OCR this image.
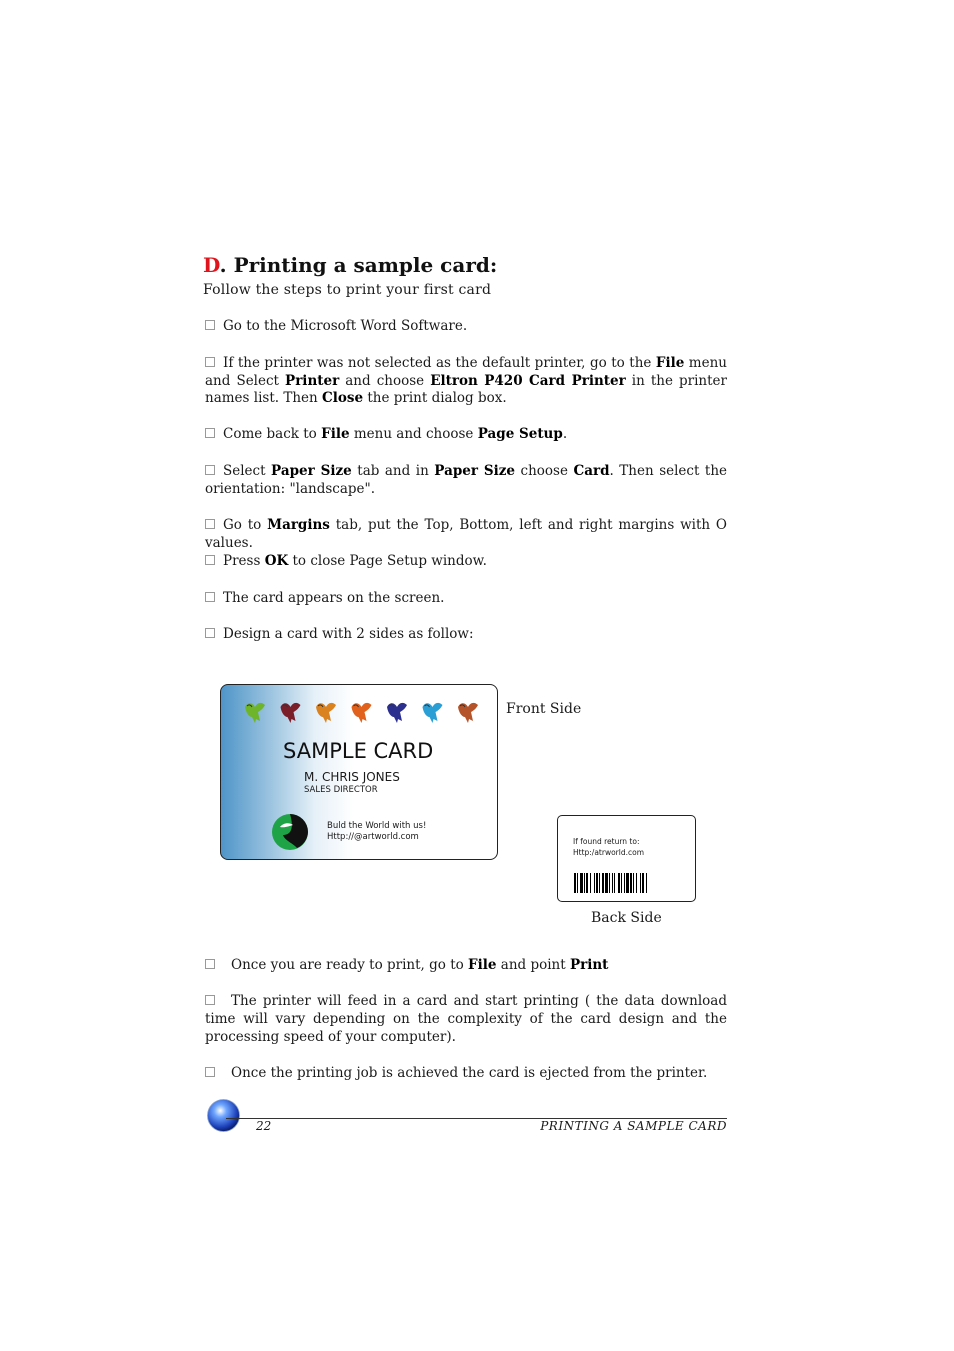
D. Printing a sample card:
Follow the steps to print your first card
Go to the Microsoft Word Software.
If the printer was not selected as the default printer, go to the File menu and Select Printer and choose Eltron P420 Card Printer in the printer names list. Then Close the print dialog box.
Come back to File menu and choose Page Setup.
Select Paper Size tab and in Paper Size choose Card. Then select the orientation: "landscape".
Go to Margins tab, put the Top, Bottom, left and right margins with O values.
Press OK to close Page Setup window.
The card appears on the screen.
Design a card with 2 sides as follow:
SAMPLE CARD
M. CHRIS JONES
SALES DIRECTOR
Buld the World with us!
Http://@artworld.com
Front Side
If found return to:
Http:/atrworld.com
Back Side
Once you are ready to print, go to File and point Print
The printer will feed in a card and start printing ( the data download time will vary depending on the complexity of the card design and the processing speed of your computer).
Once the printing job is achieved the card is ejected from the printer.
22	PRINTING A SAMPLE CARD
